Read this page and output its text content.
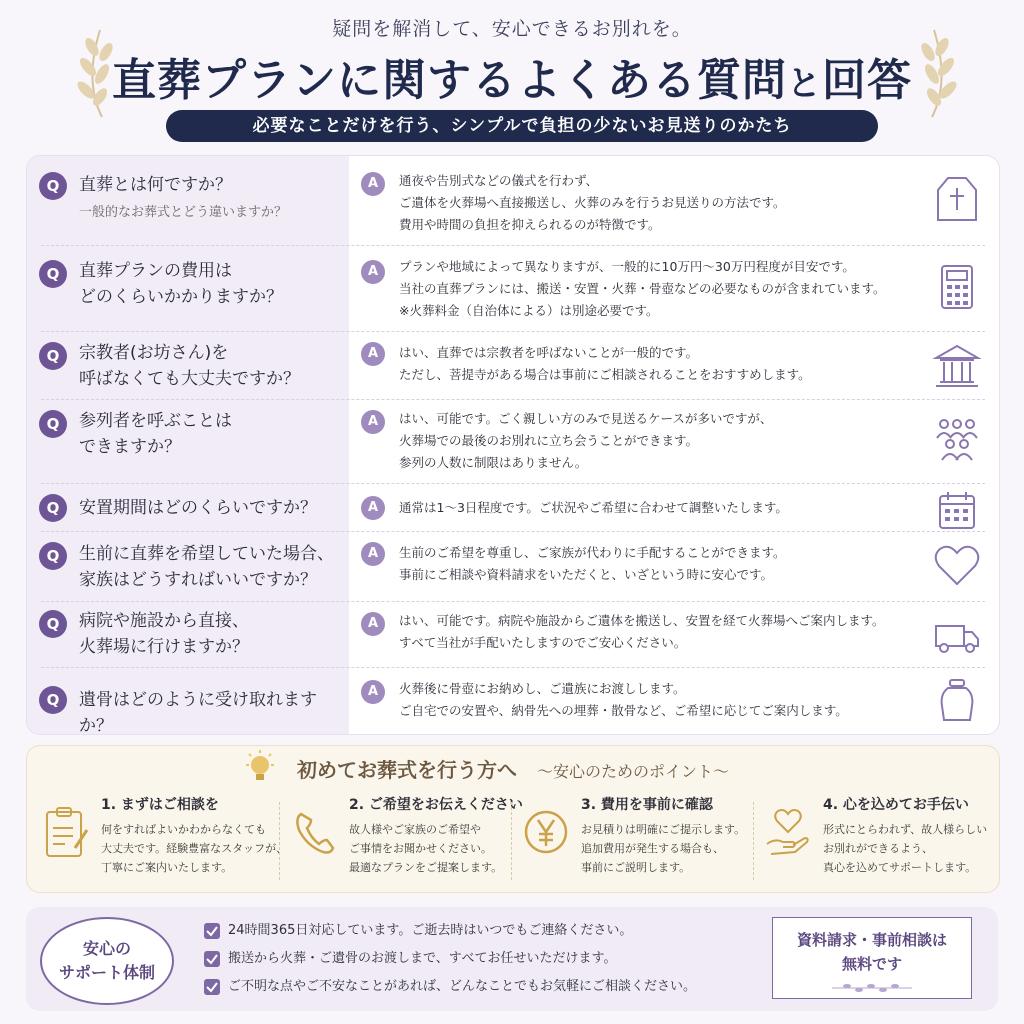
疑問を解消して、安心できるお別れを。
直葬プランに関するよくある質問と回答
必要なことだけを行う、シンプルで負担の少ないお見送りのかたち
Q	直葬とは何ですか？
一般的なお葬式とどう違いますか？
A	通夜や告別式などの儀式を行わず、
ご遺体を火葬場へ直接搬送し、火葬のみを行うお見送りの方法です。
費用や時間の負担を抑えられるのが特徴です。
Q	直葬プランの費用は
どのくらいかかりますか？
A	プランや地域によって異なりますが、一般的に10万円〜30万円程度が目安です。
当社の直葬プランには、搬送・安置・火葬・骨壺などの必要なものが含まれています。
※火葬料金（自治体による）は別途必要です。
Q	宗教者(お坊さん)を
呼ばなくても大丈夫ですか？
A	はい、直葬では宗教者を呼ばないことが一般的です。
ただし、菩提寺がある場合は事前にご相談されることをおすすめします。
Q	参列者を呼ぶことは
できますか？
A	はい、可能です。ごく親しい方のみで見送るケースが多いですが、
火葬場での最後のお別れに立ち会うことができます。
参列の人数に制限はありません。
Q	安置期間はどのくらいですか？	A	通常は1〜3日程度です。ご状況やご希望に合わせて調整いたします。
Q	生前に直葬を希望していた場合、
家族はどうすればいいですか？
A	生前のご希望を尊重し、ご家族が代わりに手配することができます。
事前にご相談や資料請求をいただくと、いざという時に安心です。
Q	病院や施設から直接、
火葬場に行けますか？
A	はい、可能です。病院や施設からご遺体を搬送し、安置を経て火葬場へご案内します。
すべて当社が手配いたしますのでご安心ください。
Q	遺骨はどのように受け取れますか？
A	火葬後に骨壺にお納めし、ご遺族にお渡しします。
ご自宅での安置や、納骨先への埋葬・散骨など、ご希望に応じてご案内します。
初めてお葬式を行う方へ　 〜安心のためのポイント〜
1. まずはご相談を
何をすればよいかわからなくても
大丈夫です。経験豊富なスタッフが、
丁寧にご案内いたします。
2. ご希望をお伝えください
故人様やご家族のご希望や
ご事情をお聞かせください。
最適なプランをご提案します。
3. 費用を事前に確認
お見積りは明確にご提示します。
追加費用が発生する場合も、
事前にご説明します。
4. 心を込めてお手伝い
形式にとらわれず、故人様らしい
お別れができるよう、
真心を込めてサポートします。
安心の
サポート体制
24時間365日対応しています。ご逝去時はいつでもご連絡ください。
搬送から火葬・ご遺骨のお渡しまで、すべてお任せいただけます。
ご不明な点やご不安なことがあれば、どんなことでもお気軽にご相談ください。
資料請求・事前相談は
無料です
